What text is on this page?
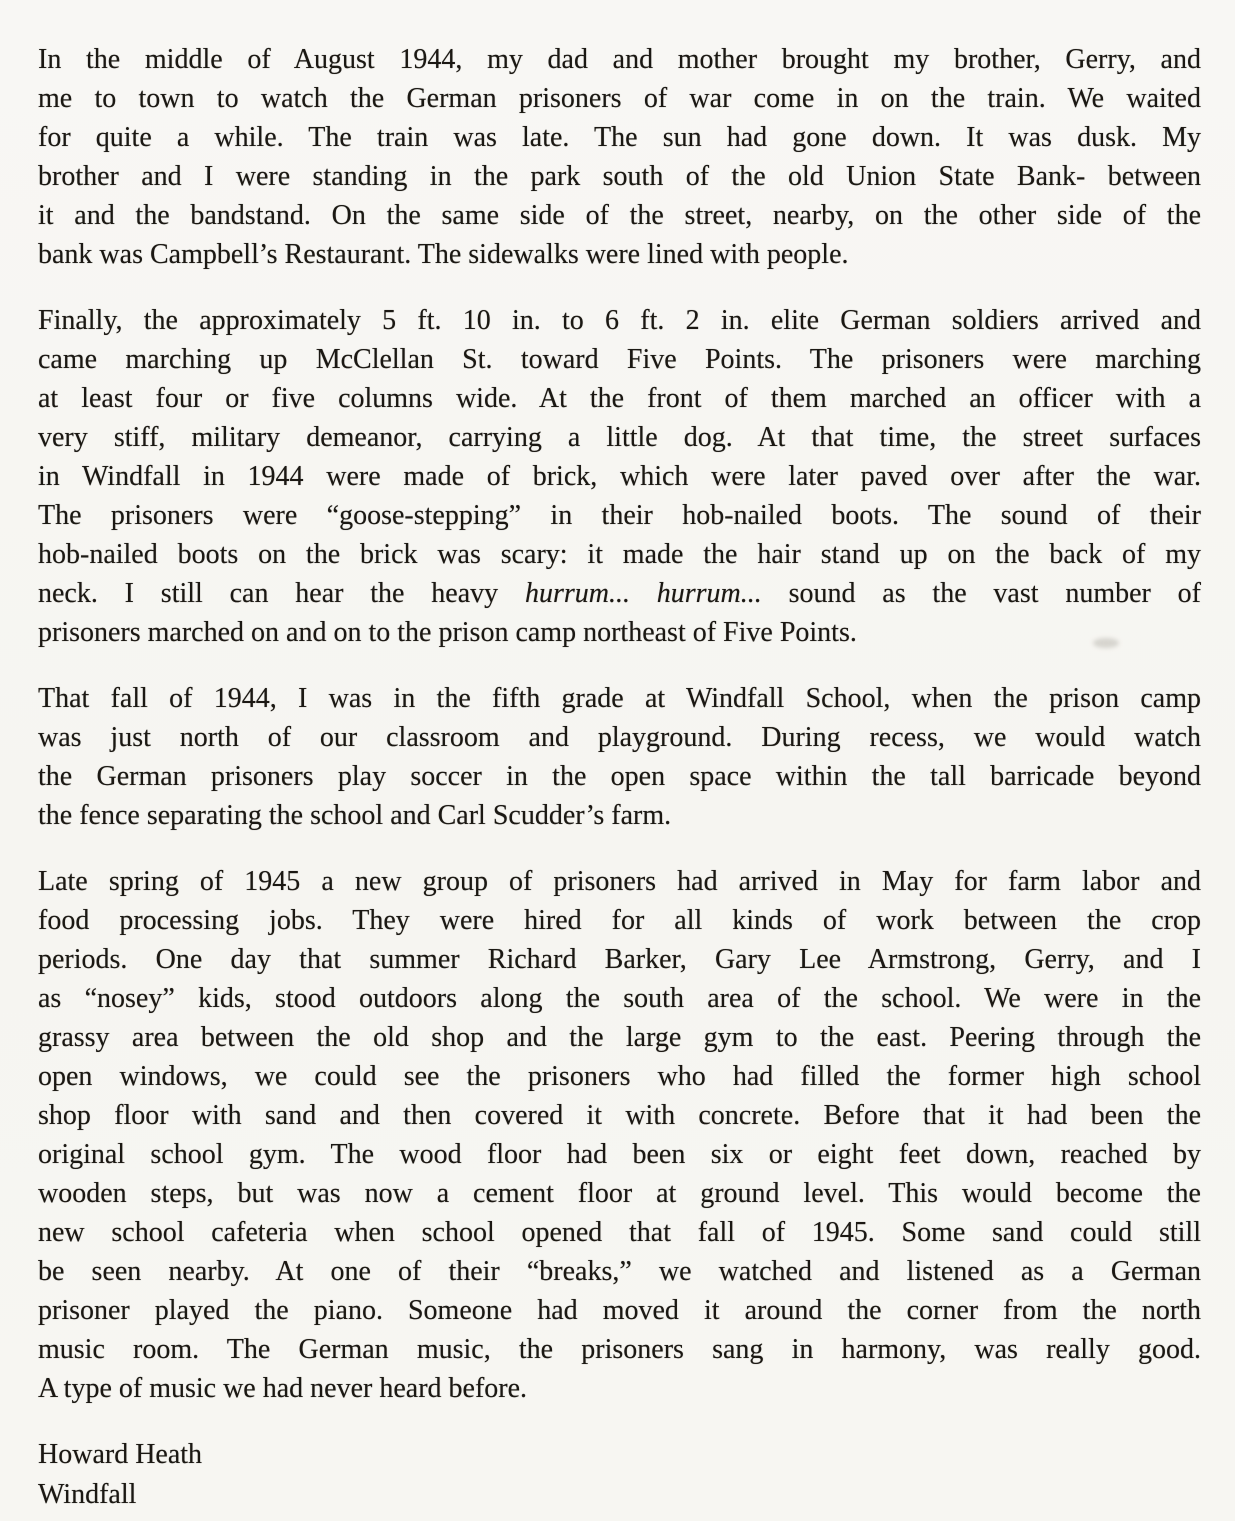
In the middle of August 1944, my dad and mother brought my brother, Gerry, and
me to town to watch the German prisoners of war come in on the train. We waited
for quite a while. The train was late. The sun had gone down. It was dusk. My
brother and I were standing in the park south of the old Union State Bank- between
it and the bandstand. On the same side of the street, nearby, on the other side of the
bank was Campbell’s Restaurant. The sidewalks were lined with people.
Finally, the approximately 5 ft. 10 in. to 6 ft. 2 in. elite German soldiers arrived and
came marching up McClellan St. toward Five Points. The prisoners were marching
at least four or five columns wide. At the front of them marched an officer with a
very stiff, military demeanor, carrying a little dog. At that time, the street surfaces
in Windfall in 1944 were made of brick, which were later paved over after the war.
The prisoners were “goose-stepping” in their hob-nailed boots. The sound of their
hob-nailed boots on the brick was scary: it made the hair stand up on the back of my
neck. I still can hear the heavy hurrum... hurrum... sound as the vast number of
prisoners marched on and on to the prison camp northeast of Five Points.
That fall of 1944, I was in the fifth grade at Windfall School, when the prison camp
was just north of our classroom and playground. During recess, we would watch
the German prisoners play soccer in the open space within the tall barricade beyond
the fence separating the school and Carl Scudder’s farm.
Late spring of 1945 a new group of prisoners had arrived in May for farm labor and
food processing jobs. They were hired for all kinds of work between the crop
periods. One day that summer Richard Barker, Gary Lee Armstrong, Gerry, and I
as “nosey” kids, stood outdoors along the south area of the school. We were in the
grassy area between the old shop and the large gym to the east. Peering through the
open windows, we could see the prisoners who had filled the former high school
shop floor with sand and then covered it with concrete. Before that it had been the
original school gym. The wood floor had been six or eight feet down, reached by
wooden steps, but was now a cement floor at ground level. This would become the
new school cafeteria when school opened that fall of 1945. Some sand could still
be seen nearby. At one of their “breaks,” we watched and listened as a German
prisoner played the piano. Someone had moved it around the corner from the north
music room. The German music, the prisoners sang in harmony, was really good.
A type of music we had never heard before.
Howard Heath
Windfall
